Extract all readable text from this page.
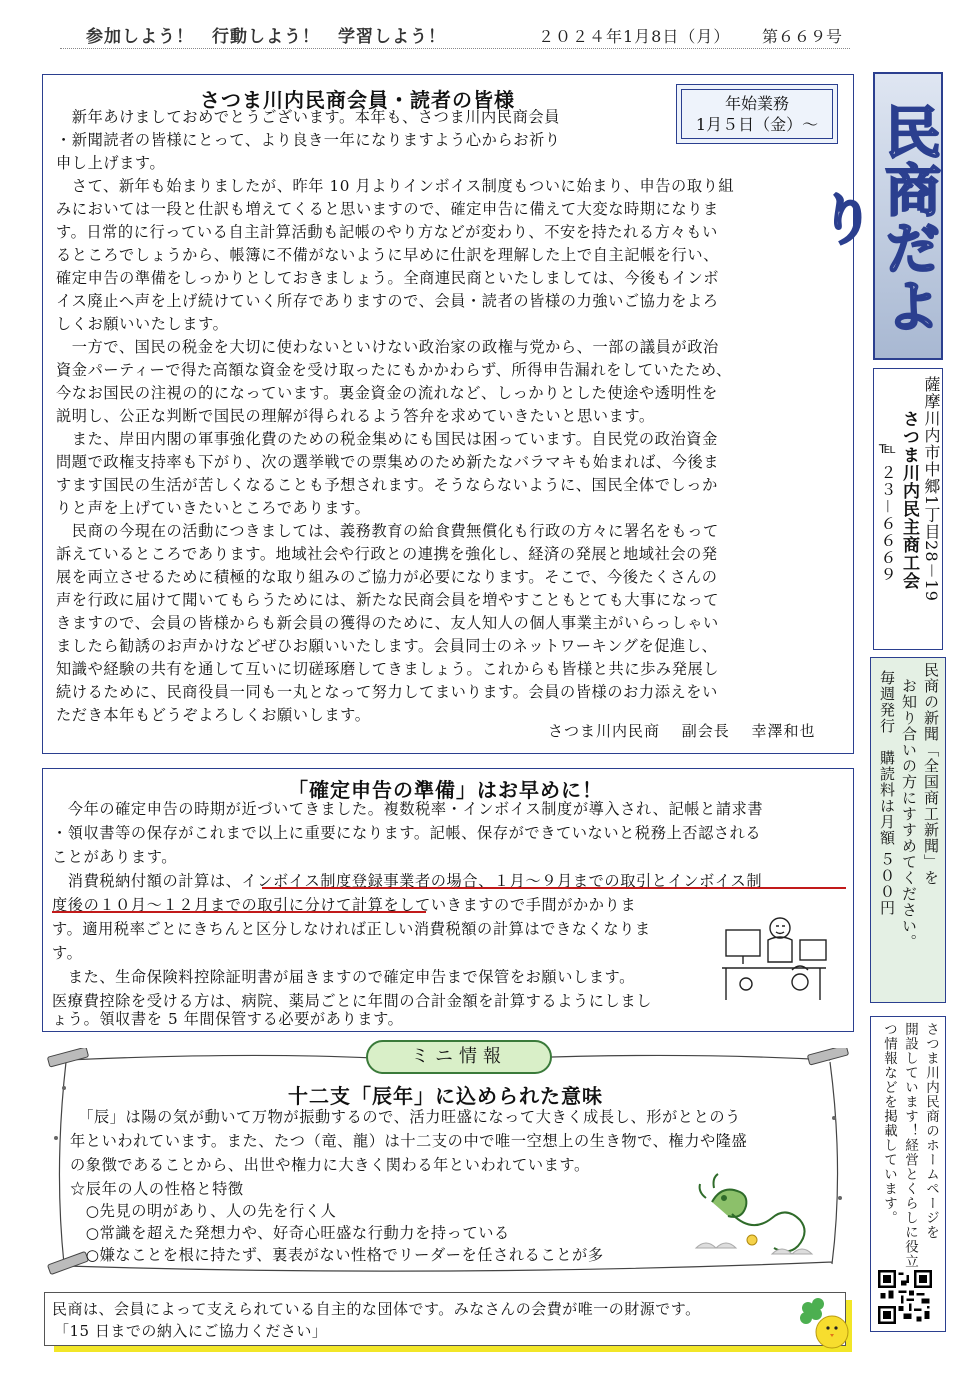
参加しよう！　行動しよう！　学習しよう！	２０２４年1月8日（月） 第６６９号
さつま川内民商会員・読者の皆様	年始業務
1月５日（金）～
　新年あけましておめでとうございます。本年も、さつま川内民商会員
・新聞読者の皆様にとって、より良き一年になりますよう心からお祈り
申し上げます。
　さて、新年も始まりましたが、昨年 10 月よりインボイス制度もついに始まり、申告の取り組
みにおいては一段と仕訳も増えてくると思いますので、確定申告に備えて大変な時期になりま
す。日常的に行っている自主計算活動も記帳のやり方などが変わり、不安を持たれる方々もい
るところでしょうから、帳簿に不備がないように早めに仕訳を理解した上で自主記帳を行い、
確定申告の準備をしっかりとしておきましょう。全商連民商といたしましては、今後もインボ
イス廃止へ声を上げ続けていく所存でありますので、会員・読者の皆様の力強いご協力をよろ
しくお願いいたします。
　一方で、国民の税金を大切に使わないといけない政治家の政権与党から、一部の議員が政治
資金パーティーで得た高額な資金を受け取ったにもかかわらず、所得申告漏れをしていたため、
今なお国民の注視の的になっています。裏金資金の流れなど、しっかりとした使途や透明性を
説明し、公正な判断で国民の理解が得られるよう答弁を求めていきたいと思います。
　また、岸田内閣の軍事強化費のための税金集めにも国民は困っています。自民党の政治資金
問題で政権支持率も下がり、次の選挙戦での票集めのため新たなバラマキも始まれば、今後ま
すます国民の生活が苦しくなることも予想されます。そうならないように、国民全体でしっか
りと声を上げていきたいところであります。
　民商の今現在の活動につきましては、義務教育の給食費無償化も行政の方々に署名をもって
訴えているところであります。地域社会や行政との連携を強化し、経済の発展と地域社会の発
展を両立させるために積極的な取り組みのご協力が必要になります。そこで、今後たくさんの
声を行政に届けて聞いてもらうためには、新たな民商会員を増やすこともとても大事になって
きますので、会員の皆様からも新会員の獲得のために、友人知人の個人事業主がいらっしゃい
ましたら勧誘のお声かけなどぜひお願いいたします。会員同士のネットワーキングを促進し、
知識や経験の共有を通して互いに切磋琢磨してきましょう。これからも皆様と共に歩み発展し
続けるために、民商役員一同も一丸となって努力してまいります。会員の皆様のお力添えをい
ただき本年もどうぞよろしくお願いします。
さつま川内民商　 副会長 　幸澤和也
民商だより
薩摩川内市中郷1丁目28－19
さつま川内民主商工会
℡ ２３－６６６９
民商の新聞「全国商工新聞」を
お知り合いの方にすすめてください。
毎週発行　購読料は月額 ５００円
さつま川内民商のホームページを
開設しています！経営とくらしに役立
つ情報などを掲載しています。
「確定申告の準備」はお早めに！
　今年の確定申告の時期が近づいてきました。複数税率・インボイス制度が導入され、記帳と請求書
・領収書等の保存がこれまで以上に重要になります。記帳、保存ができていないと税務上否認される
ことがあります。
　消費税納付額の計算は、インボイス制度登録事業者の場合、１月～９月までの取引とインボイス制
度後の１０月～１２月までの取引に分けて計算をしていきますので手間がかかりま
す。適用税率ごとにきちんと区分しなければ正しい消費税額の計算はできなくなりま
す。
　また、生命保険料控除証明書が届きますので確定申告まで保管をお願いします。
医療費控除を受ける方は、病院、薬局ごとに年間の合計金額を計算するようにしまし
ょう。領収書を 5 年間保管する必要があります。
ミニ情報
十二支「辰年」に込められた意味
　「辰」は陽の気が動いて万物が振動するので、活力旺盛になって大きく成長し、形がととのう
年といわれています。また、たつ（竜、龍）は十二支の中で唯一空想上の生き物で、権力や隆盛
の象徴であることから、出世や権力に大きく関わる年といわれています。
☆辰年の人の性格と特徴
　○先見の明があり、人の先を行く人
　○常識を超えた発想力や、好奇心旺盛な行動力を持っている
　○嫌なことを根に持たず、裏表がない性格でリーダーを任されることが多
民商は、会員によって支えられている自主的な団体です。みなさんの会費が唯一の財源です。
「15 日までの納入にご協力ください」
